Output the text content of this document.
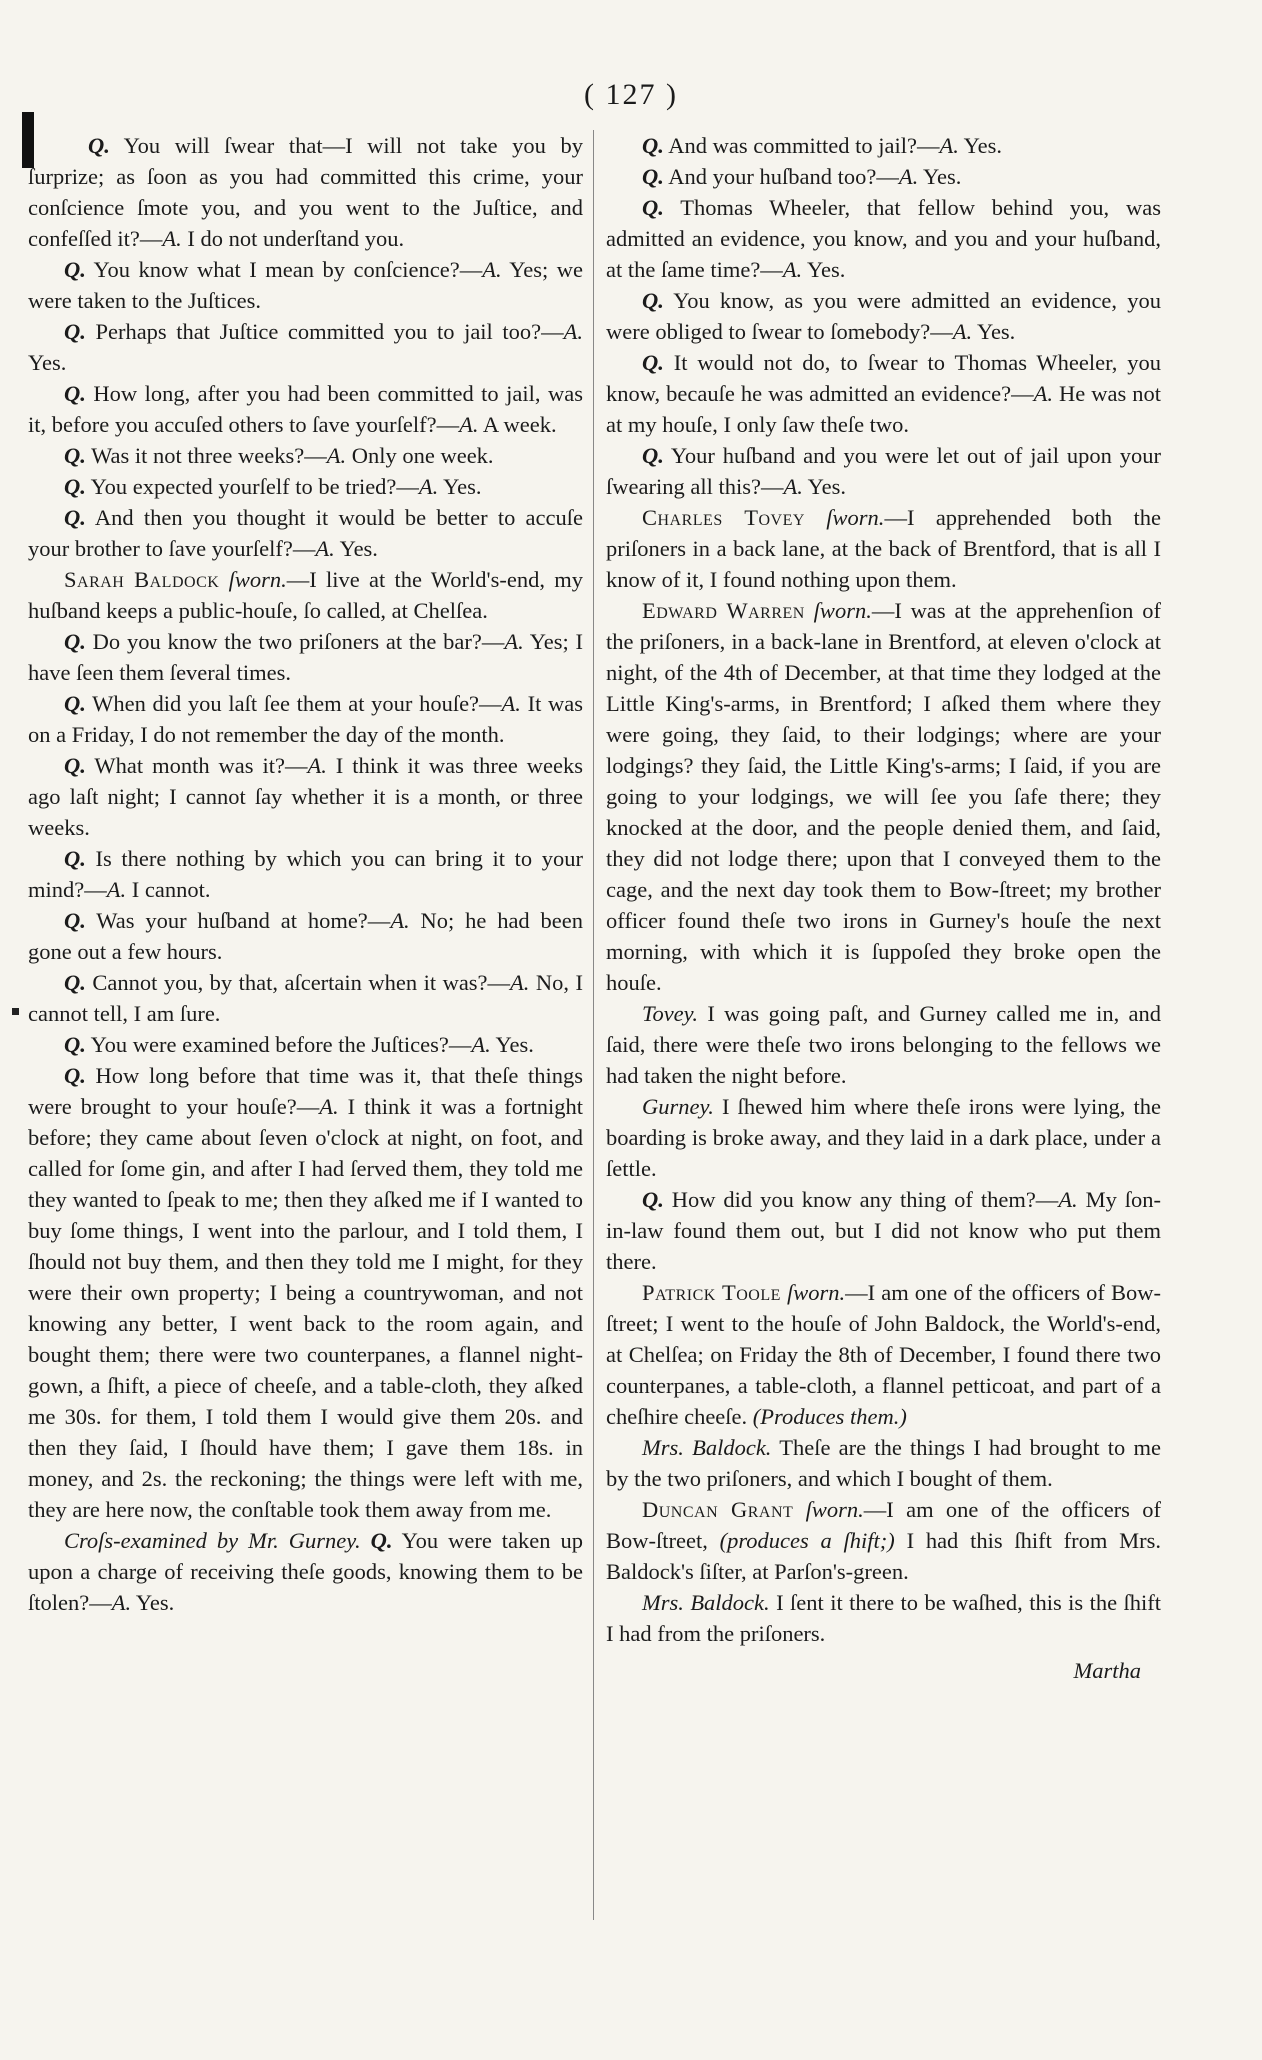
( 127 )

Q. You will ſwear that—I will not take you by ſurprize; as ſoon as you had committed this crime, your conſcience ſmote you, and you went to the Juſtice, and confeſſed it?—A. I do not underſtand you.

Q. You know what I mean by conſcience?—A. Yes; we were taken to the Juſtices.

Q. Perhaps that Juſtice committed you to jail too?—A. Yes.

Q. How long, after you had been committed to jail, was it, before you accuſed others to ſave yourſelf?—A. A week.

Q. Was it not three weeks?—A. Only one week.

Q. You expected yourſelf to be tried?—A. Yes.

Q. And then you thought it would be better to accuſe your brother to ſave yourſelf?—A. Yes.

Sarah Baldock ſworn.—I live at the World's-end, my huſband keeps a public-houſe, ſo called, at Chelſea.

Q. Do you know the two priſoners at the bar?—A. Yes; I have ſeen them ſeveral times.

Q. When did you laſt ſee them at your houſe?—A. It was on a Friday, I do not remember the day of the month.

Q. What month was it?—A. I think it was three weeks ago laſt night; I cannot ſay whether it is a month, or three weeks.

Q. Is there nothing by which you can bring it to your mind?—A. I cannot.

Q. Was your huſband at home?—A. No; he had been gone out a few hours.

Q. Cannot you, by that, aſcertain when it was?—A. No, I cannot tell, I am ſure.

Q. You were examined before the Juſtices?—A. Yes.

Q. How long before that time was it, that theſe things were brought to your houſe?—A. I think it was a fortnight before; they came about ſeven o'clock at night, on foot, and called for ſome gin, and after I had ſerved them, they told me they wanted to ſpeak to me; then they aſked me if I wanted to buy ſome things, I went into the parlour, and I told them, I ſhould not buy them, and then they told me I might, for they were their own property; I being a countrywoman, and not knowing any better, I went back to the room again, and bought them; there were two counterpanes, a flannel night-gown, a ſhift, a piece of cheeſe, and a table-cloth, they aſked me 30s. for them, I told them I would give them 20s. and then they ſaid, I ſhould have them; I gave them 18s. in money, and 2s. the reckoning; the things were left with me, they are here now, the conſtable took them away from me.

Croſs-examined by Mr. Gurney. Q. You were taken up upon a charge of receiving theſe goods, knowing them to be ſtolen?—A. Yes.

Q. And was committed to jail?—A. Yes.

Q. And your huſband too?—A. Yes.

Q. Thomas Wheeler, that fellow behind you, was admitted an evidence, you know, and you and your huſband, at the ſame time?—A. Yes.

Q. You know, as you were admitted an evidence, you were obliged to ſwear to ſomebody?—A. Yes.

Q. It would not do, to ſwear to Thomas Wheeler, you know, becauſe he was admitted an evidence?—A. He was not at my houſe, I only ſaw theſe two.

Q. Your huſband and you were let out of jail upon your ſwearing all this?—A. Yes.

Charles Tovey ſworn.—I apprehended both the priſoners in a back lane, at the back of Brentford, that is all I know of it, I found nothing upon them.

Edward Warren ſworn.—I was at the apprehenſion of the priſoners, in a back-lane in Brentford, at eleven o'clock at night, of the 4th of December, at that time they lodged at the Little King's-arms, in Brentford; I aſked them where they were going, they ſaid, to their lodgings; where are your lodgings? they ſaid, the Little King's-arms; I ſaid, if you are going to your lodgings, we will ſee you ſafe there; they knocked at the door, and the people denied them, and ſaid, they did not lodge there; upon that I conveyed them to the cage, and the next day took them to Bow-ſtreet; my brother officer found theſe two irons in Gurney's houſe the next morning, with which it is ſuppoſed they broke open the houſe.

Tovey. I was going paſt, and Gurney called me in, and ſaid, there were theſe two irons belonging to the fellows we had taken the night before.

Gurney. I ſhewed him where theſe irons were lying, the boarding is broke away, and they laid in a dark place, under a ſettle.

Q. How did you know any thing of them?—A. My ſon-in-law found them out, but I did not know who put them there.

Patrick Toole ſworn.—I am one of the officers of Bow-ſtreet; I went to the houſe of John Baldock, the World's-end, at Chelſea; on Friday the 8th of December, I found there two counterpanes, a table-cloth, a flannel petticoat, and part of a cheſhire cheeſe. (Produces them.)

Mrs. Baldock. Theſe are the things I had brought to me by the two priſoners, and which I bought of them.

Duncan Grant ſworn.—I am one of the officers of Bow-ſtreet, (produces a ſhift;) I had this ſhift from Mrs. Baldock's ſiſter, at Parſon's-green.

Mrs. Baldock. I ſent it there to be waſhed, this is the ſhift I had from the priſoners.

Martha
